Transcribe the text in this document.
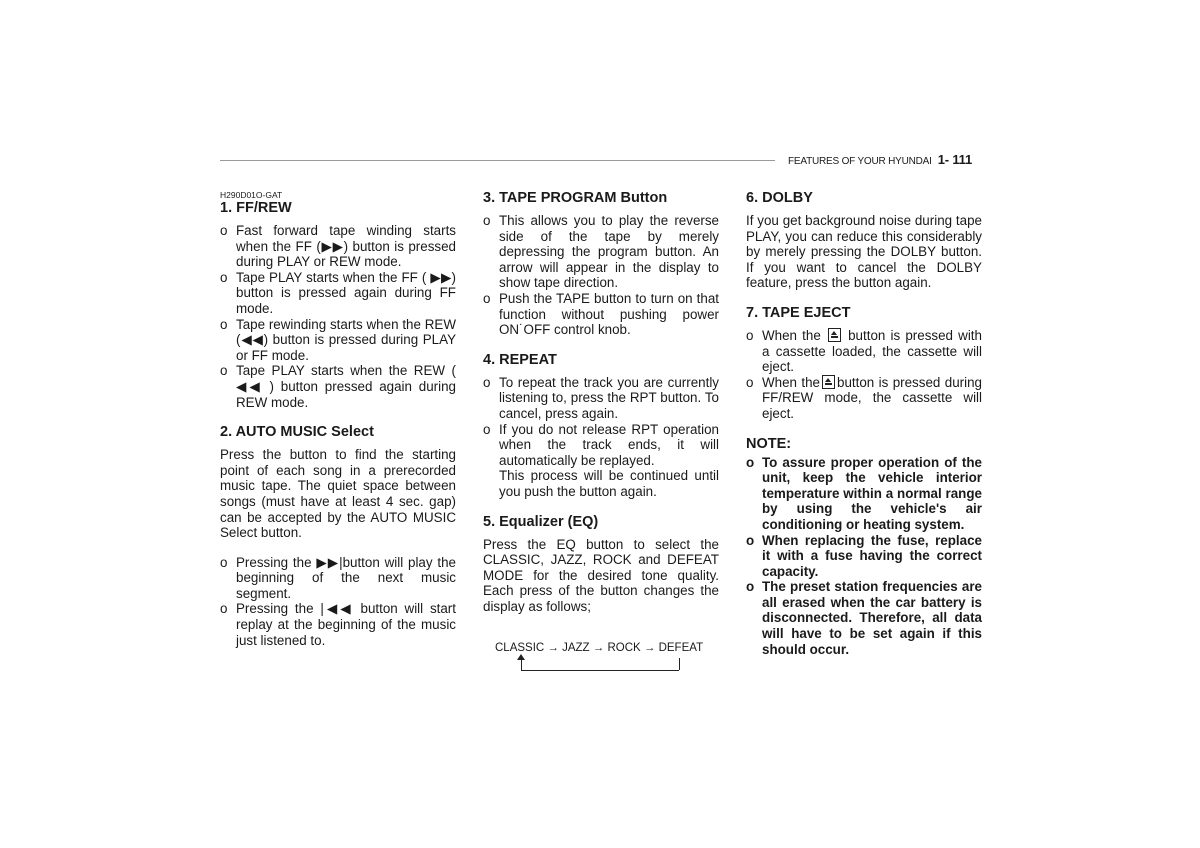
FEATURES OF YOUR HYUNDAI 1- 111

H290D01O-GAT

1. FF/REW
o Fast forward tape winding starts when the FF (▶▶) button is pressed during PLAY or REW mode.
o Tape PLAY starts when the FF ( ▶▶) button is pressed again during FF mode.
o Tape rewinding starts when the REW (◀◀) button is pressed during PLAY or FF mode.
o Tape PLAY starts when the REW ( ◀◀ ) button pressed again during REW mode.
2. AUTO MUSIC Select

Press the button to find the starting point of each song in a prerecorded music tape. The quiet space between songs (must have at least 4 sec. gap) can be accepted by the AUTO MUSIC Select button.

o Pressing the ▶▶|button will play the beginning of the next music segment.
o Pressing the |◀◀ button will start replay at the beginning of the music just listened to.
3. TAPE PROGRAM Button
o This allows you to play the reverse side of the tape by merely depressing the program button. An arrow will appear in the display to show tape direction.
o Push the TAPE button to turn on that function without pushing power ON˙OFF control knob.
4. REPEAT
o To repeat the track you are currently listening to, press the RPT button. To cancel, press again.
o If you do not release RPT operation when the track ends, it will automatically be replayed.

This process will be continued until you push the button again.

5. Equalizer (EQ)

Press the EQ button to select the CLASSIC, JAZZ, ROCK and DEFEAT MODE for the desired tone quality. Each press of the button changes the display as follows;

CLASSIC → JAZZ → ROCK → DEFEAT
6. DOLBY

If you get background noise during tape PLAY, you can reduce this considerably by merely pressing the DOLBY button. If you want to cancel the DOLBY feature, press the button again.

7. TAPE EJECT
o When the button is pressed with a cassette loaded, the cassette will eject.
o When the button is pressed during FF/REW mode, the cassette will eject.
NOTE:
o To assure proper operation of the unit, keep the vehicle interior temperature within a normal range by using the vehicle's air conditioning or heating system.
o When replacing the fuse, replace it with a fuse having the correct capacity.
o The preset station frequencies are all erased when the car battery is disconnected. Therefore, all data will have to be set again if this should occur.
